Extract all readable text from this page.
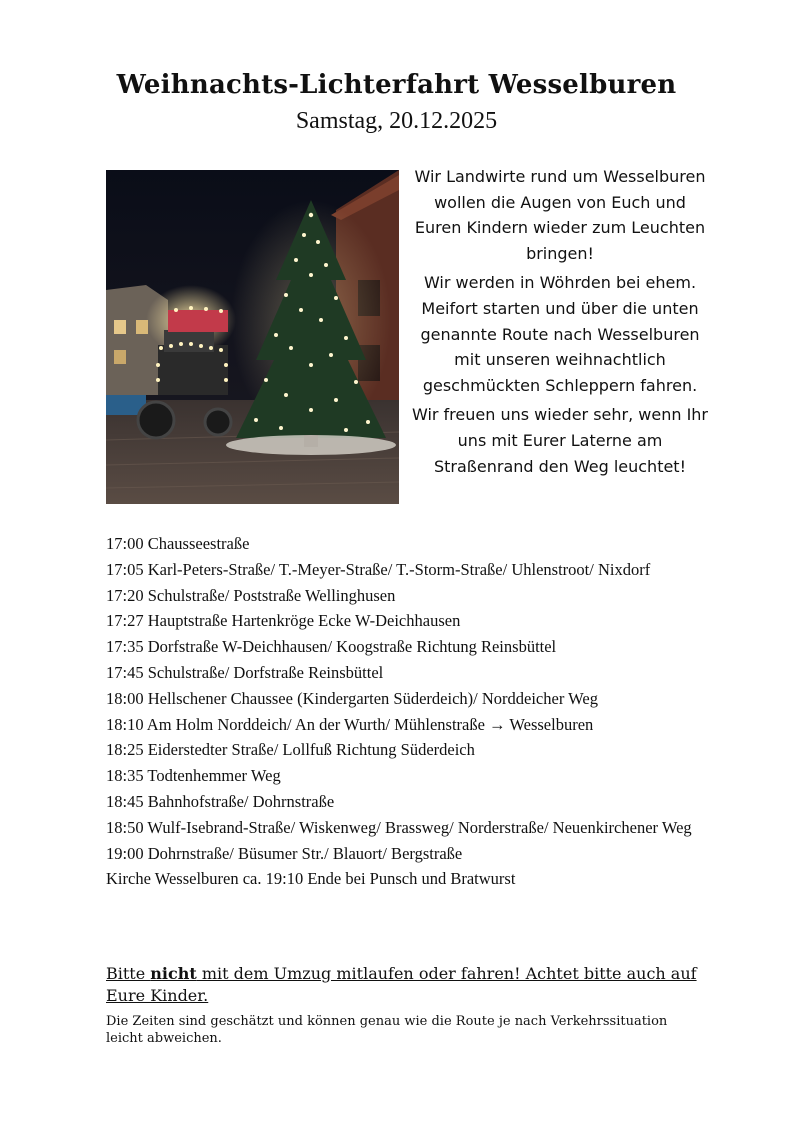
Weihnachts-Lichterfahrt Wesselburen
Samstag, 20.12.2025

Wir Landwirte rund um Wesselburen wollen die Augen von Euch und Euren Kindern wieder zum Leuchten bringen!

Wir werden in Wöhrden bei ehem. Meifort starten und über die unten genannte Route nach Wesselburen mit unseren weihnachtlich geschmückten Schleppern fahren.

Wir freuen uns wieder sehr, wenn Ihr uns mit Eurer Laterne am Straßenrand den Weg leuchtet!

17:00 Chausseestraße

17:05 Karl-Peters-Straße/ T.-Meyer-Straße/ T.-Storm-Straße/ Uhlenstroot/ Nixdorf

17:20 Schulstraße/ Poststraße Wellinghusen

17:27 Hauptstraße Hartenkröge Ecke W-Deichhausen

17:35 Dorfstraße W-Deichhausen/ Koogstraße Richtung Reinsbüttel

17:45 Schulstraße/ Dorfstraße Reinsbüttel

18:00 Hellschener Chaussee (Kindergarten Süderdeich)/ Norddeicher Weg

18:10 Am Holm Norddeich/ An der Wurth/ Mühlenstraße → Wesselburen

18:25 Eiderstedter Straße/ Lollfuß Richtung Süderdeich

18:35 Todtenhemmer Weg

18:45 Bahnhofstraße/ Dohrnstraße

18:50 Wulf-Isebrand-Straße/ Wiskenweg/ Brassweg/ Norderstraße/ Neuenkirchener Weg

19:00 Dohrnstraße/ Büsumer Str./ Blauort/ Bergstraße

Kirche Wesselburen ca. 19:10 Ende bei Punsch und Bratwurst

Bitte nicht mit dem Umzug mitlaufen oder fahren! Achtet bitte auch auf Eure Kinder.
Die Zeiten sind geschätzt und können genau wie die Route je nach Verkehrssituation leicht abweichen.
